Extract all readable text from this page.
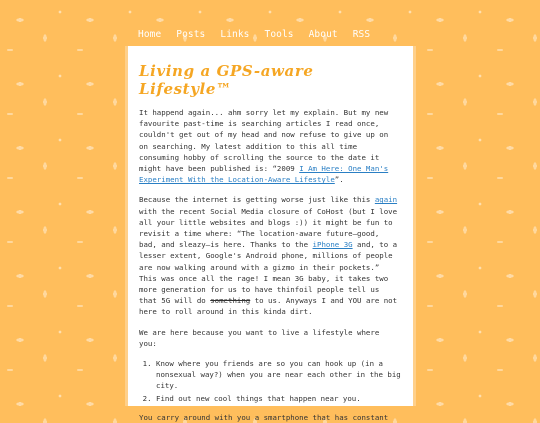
Home Posts Links Tools About RSS
Living a GPS-aware Lifestyle™

It happend again... ahm sorry let my explain. But my new favourite past-time is searching articles I read once, couldn't get out of my head and now refuse to give up on on searching. My latest addition to this all time consuming hobby of scrolling the source to the date it might have been published is: “2009 I Am Here: One Man's Experiment With the Location-Aware Lifestyle”.

Because the internet is getting worse just like this again with the recent Social Media closure of CoHost (but I love all your little websites and blogs :)) it might be fun to revisit a time where: “The location-aware future—good, bad, and sleazy—is here. Thanks to the iPhone 3G and, to a lesser extent, Google's Android phone, millions of people are now walking around with a gizmo in their pockets.” This was once all the rage! I mean 3G baby, it takes two more generation for us to have thinfoil people tell us that 5G will do something to us. Anyways I and YOU are not here to roll around in this kinda dirt.

We are here because you want to live a lifestyle where you:

1. Know where you friends are so you can hook up (in a nonsexual way?) when you are near each other in the big city.
2. Find out new cool things that happen near you.

You carry around with you a smartphone that has constant
